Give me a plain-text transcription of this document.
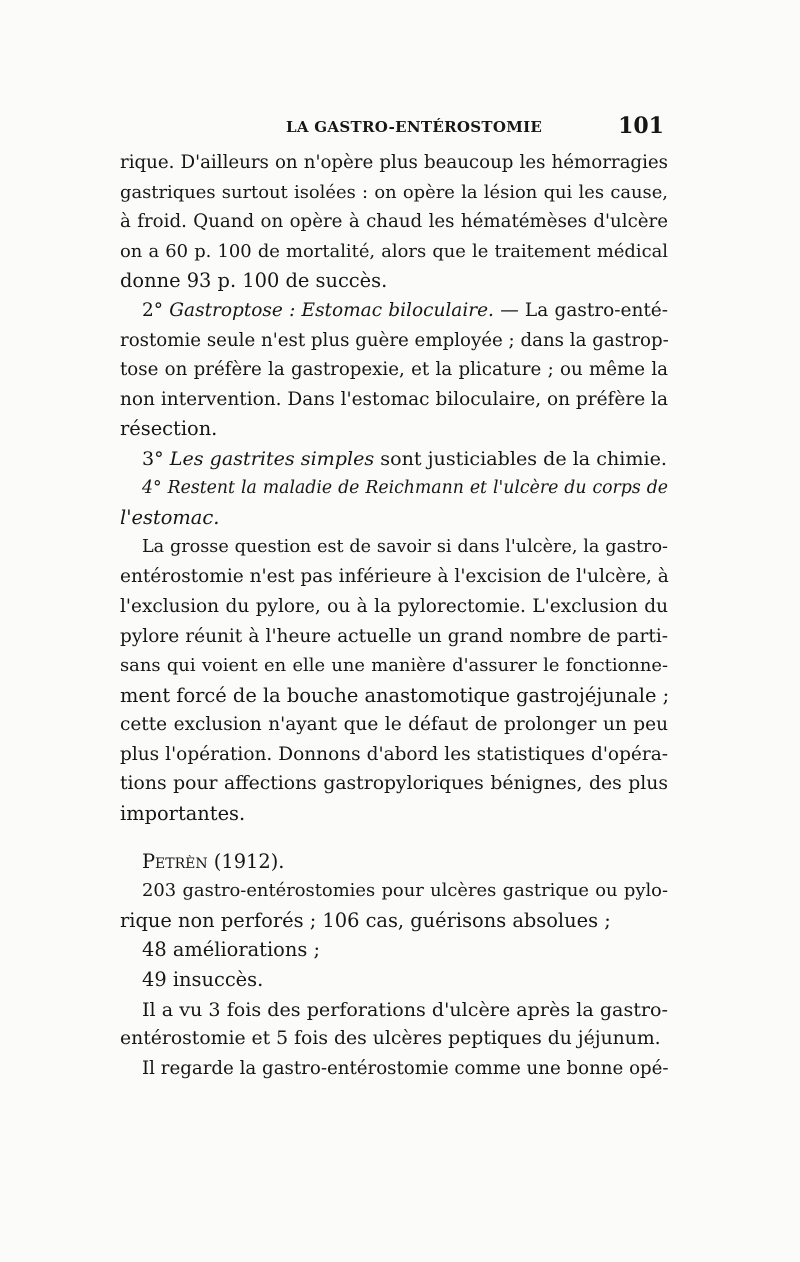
LA GASTRO-ENTÉROSTOMIE	101
rique. D'ailleurs on n'opère plus beaucoup les hémorragies
gastriques surtout isolées : on opère la lésion qui les cause,
à froid. Quand on opère à chaud les hématémèses d'ulcère
on a 60 p. 100 de mortalité, alors que le traitement médical
donne 93 p. 100 de succès.
2° Gastroptose : Estomac biloculaire. — La gastro-enté-
rostomie seule n'est plus guère employée ; dans la gastrop-
tose on préfère la gastropexie, et la plicature ; ou même la
non intervention. Dans l'estomac biloculaire, on préfère la
résection.
3° Les gastrites simples sont justiciables de la chimie.
4° Restent la maladie de Reichmann et l'ulcère du corps de
l'estomac.
La grosse question est de savoir si dans l'ulcère, la gastro-
entérostomie n'est pas inférieure à l'excision de l'ulcère, à
l'exclusion du pylore, ou à la pylorectomie. L'exclusion du
pylore réunit à l'heure actuelle un grand nombre de parti-
sans qui voient en elle une manière d'assurer le fonctionne-
ment forcé de la bouche anastomotique gastrojéjunale ;
cette exclusion n'ayant que le défaut de prolonger un peu
plus l'opération. Donnons d'abord les statistiques d'opéra-
tions pour affections gastropyloriques bénignes, des plus
importantes.
Petrèn (1912).
203 gastro-entérostomies pour ulcères gastrique ou pylo-
rique non perforés ; 106 cas, guérisons absolues ;
48 améliorations ;
49 insuccès.
Il a vu 3 fois des perforations d'ulcère après la gastro-
entérostomie et 5 fois des ulcères peptiques du jéjunum.
Il regarde la gastro-entérostomie comme une bonne opé-
